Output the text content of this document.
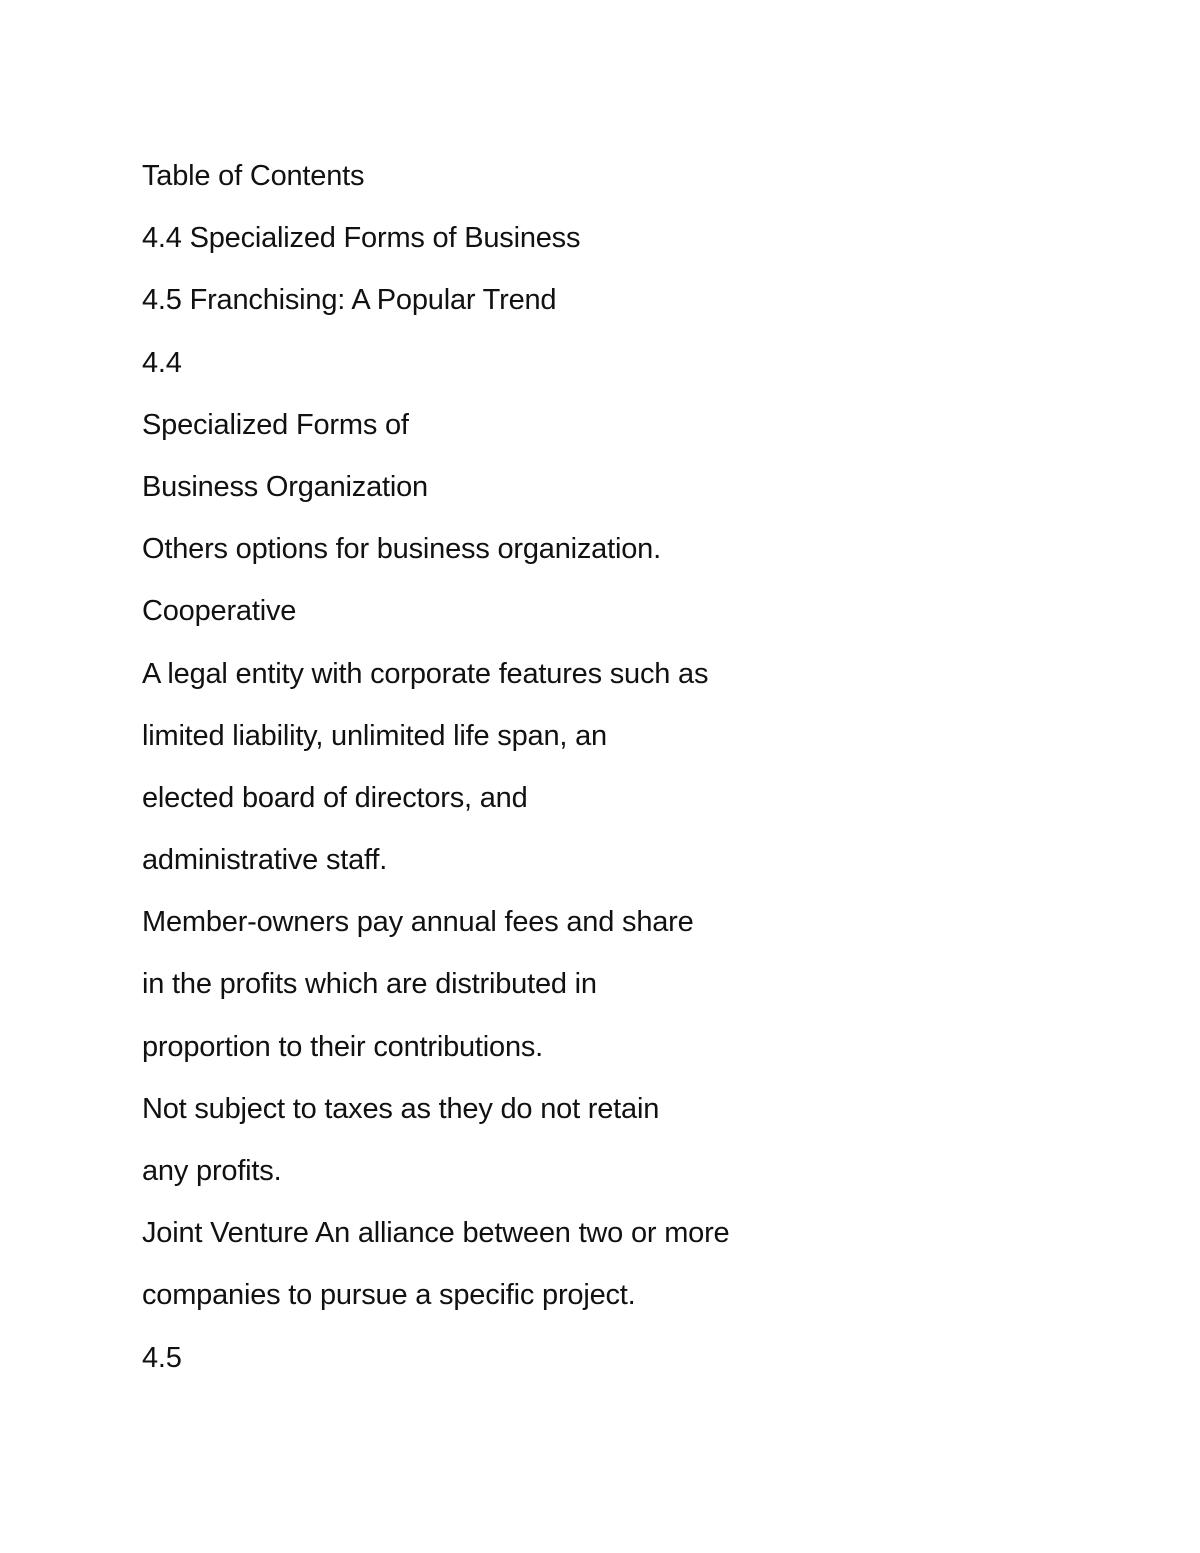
Table of Contents
4.4 Specialized Forms of Business
4.5 Franchising: A Popular Trend
4.4
Specialized Forms of
Business Organization
Others options for business organization.
Cooperative
A legal entity with corporate features such as
limited liability, unlimited life span, an
elected board of directors, and
administrative staff.
Member-owners pay annual fees and share
in the profits which are distributed in
proportion to their contributions.
Not subject to taxes as they do not retain
any profits.
Joint Venture An alliance between two or more
companies to pursue a specific project.
4.5
